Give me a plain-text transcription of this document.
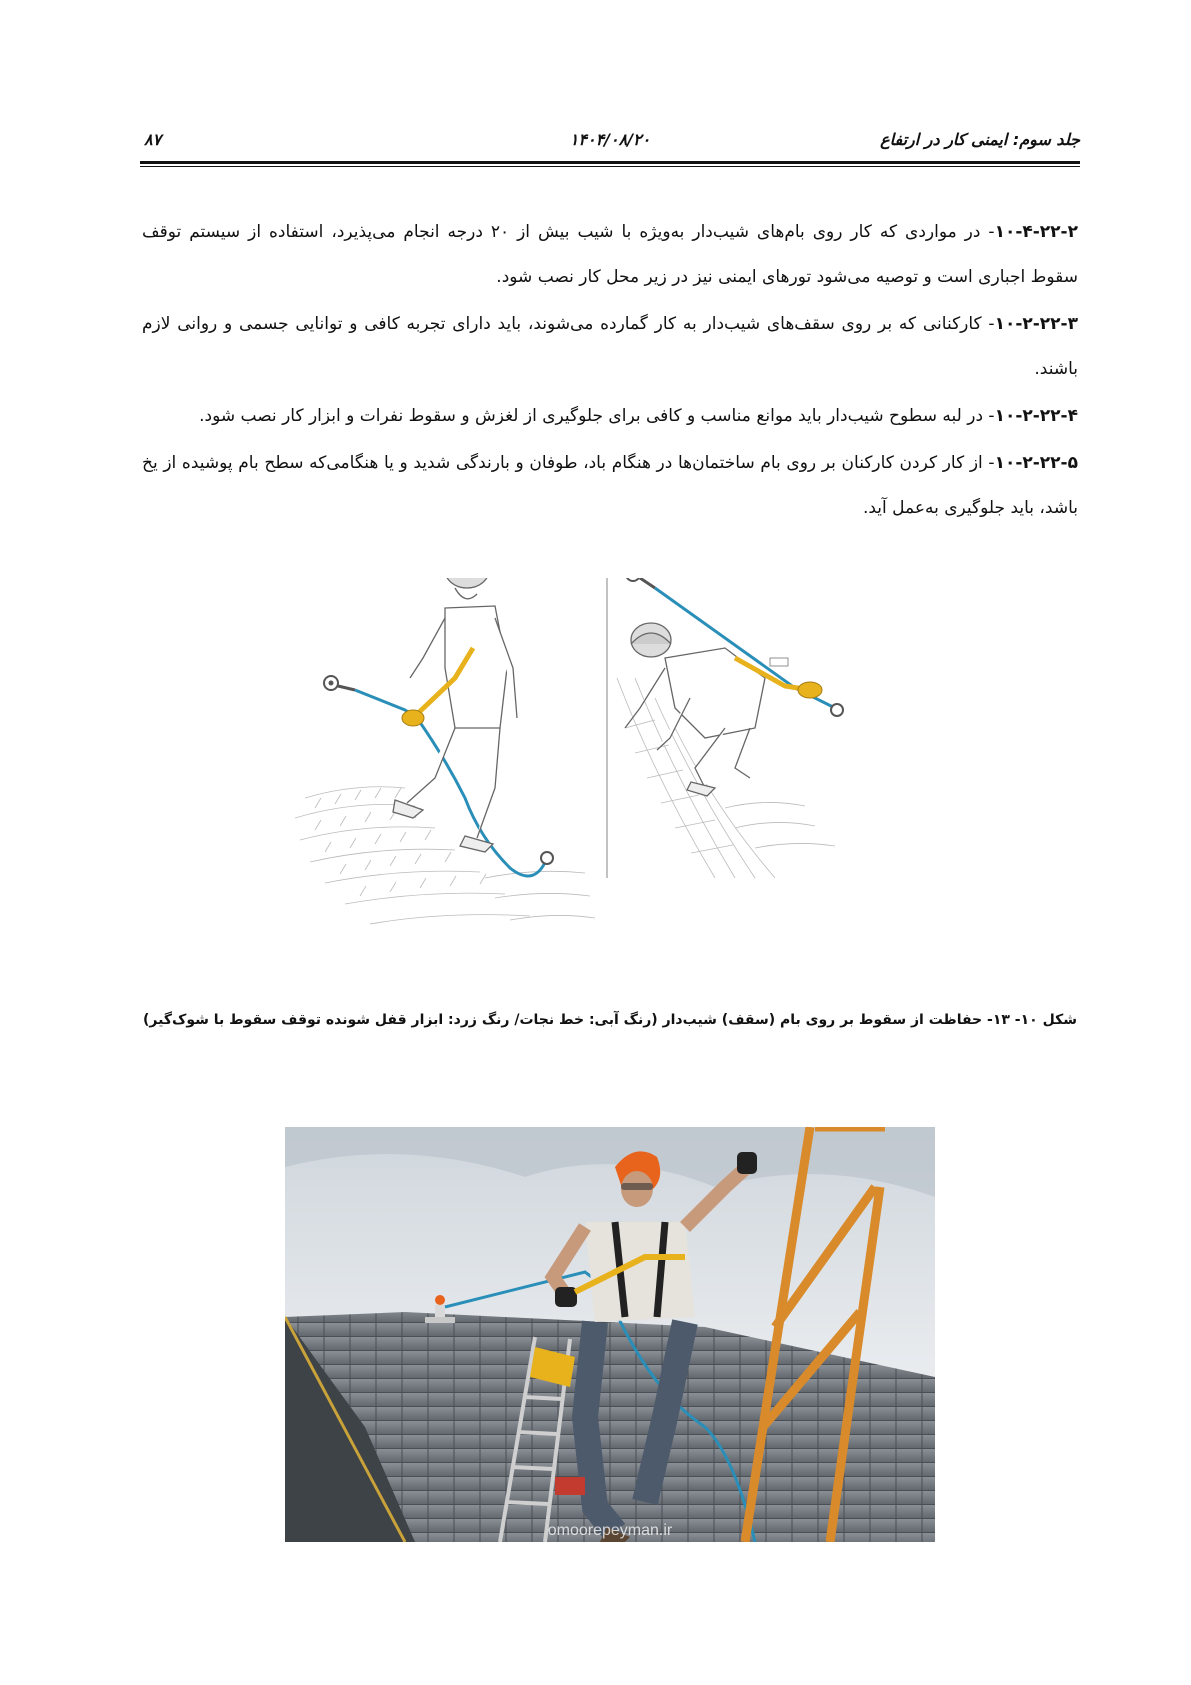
جلد سوم: ایمنی کار در ارتفاع
۱۴۰۴/۰۸/۲۰
۸۷

۱۰-۴-۲۲-۲- در مواردی که کار روی بام‌های شیب‌دار به‌ویژه با شیب بیش از ۲۰ درجه انجام می‌پذیرد، استفاده از سیستم توقف سقوط اجباری است و توصیه می‌شود تورهای ایمنی نیز در زیر محل کار نصب شود.

۱۰-۲-۲۲-۳- کارکنانی که بر روی سقف‌های شیب‌دار به کار گمارده می‌شوند، باید دارای تجربه کافی و توانایی جسمی و روانی لازم باشند.

۱۰-۲-۲۲-۴- در لبه سطوح شیب‌دار باید موانع مناسب و کافی برای جلوگیری از لغزش و سقوط نفرات و ابزار کار نصب شود.

۱۰-۲-۲۲-۵- از کار کردن کارکنان بر روی بام ساختمان‌ها در هنگام باد، طوفان و بارندگی شدید و یا هنگامی‌که سطح بام پوشیده از یخ باشد، باید جلوگیری به‌عمل آید.

شکل ۱۰- ۱۳- حفاظت از سقوط بر روی بام (سقف) شیب‌دار (رنگ آبی: خط نجات/ رنگ زرد: ابزار قفل شونده توقف سقوط با شوک‌گیر)
omoorepeyman.ir
